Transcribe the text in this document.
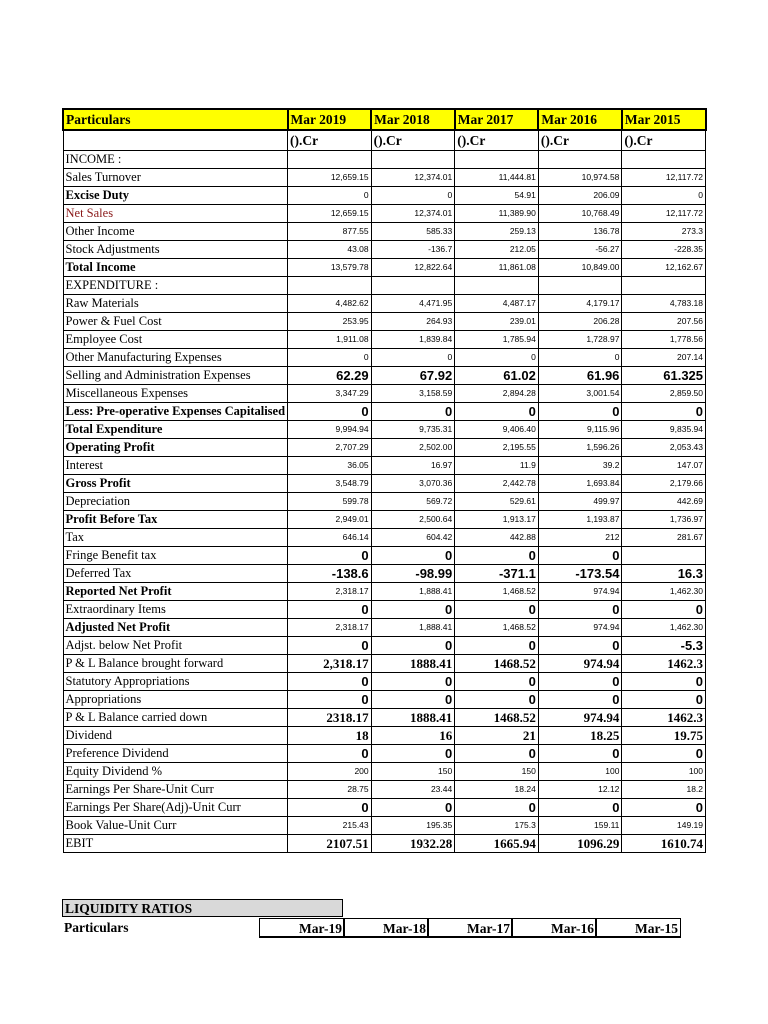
Particulars	Mar 2019	Mar 2018	Mar 2017	Mar 2016	Mar 2015
	().Cr	().Cr	().Cr	().Cr	().Cr
INCOME :					
Sales Turnover	12,659.15	12,374.01	11,444.81	10,974.58	12,117.72
Excise Duty	0	0	54.91	206.09	0
Net Sales	12,659.15	12,374.01	11,389.90	10,768.49	12,117.72
Other Income	877.55	585.33	259.13	136.78	273.3
Stock Adjustments	43.08	-136.7	212.05	-56.27	-228.35
Total Income	13,579.78	12,822.64	11,861.08	10,849.00	12,162.67
EXPENDITURE :					
Raw Materials	4,482.62	4,471.95	4,487.17	4,179.17	4,783.18
Power & Fuel Cost	253.95	264.93	239.01	206.28	207.56
Employee Cost	1,911.08	1,839.84	1,785.94	1,728.97	1,778.56
Other Manufacturing Expenses	0	0	0	0	207.14
Selling and Administration Expenses	62.29	67.92	61.02	61.96	61.325
Miscellaneous Expenses	3,347.29	3,158.59	2,894.28	3,001.54	2,859.50
Less: Pre-operative Expenses Capitalised	0	0	0	0	0
Total Expenditure	9,994.94	9,735.31	9,406.40	9,115.96	9,835.94
Operating Profit	2,707.29	2,502.00	2,195.55	1,596.26	2,053.43
Interest	36.05	16.97	11.9	39.2	147.07
Gross Profit	3,548.79	3,070.36	2,442.78	1,693.84	2,179.66
Depreciation	599.78	569.72	529.61	499.97	442.69
Profit Before Tax	2,949.01	2,500.64	1,913.17	1,193.87	1,736.97
Tax	646.14	604.42	442.88	212	281.67
Fringe Benefit tax	0	0	0	0	
Deferred Tax	-138.6	-98.99	-371.1	-173.54	16.3
Reported Net Profit	2,318.17	1,888.41	1,468.52	974.94	1,462.30
Extraordinary Items	0	0	0	0	0
Adjusted Net Profit	2,318.17	1,888.41	1,468.52	974.94	1,462.30
Adjst. below Net Profit	0	0	0	0	-5.3
P & L Balance brought forward	2,318.17	1888.41	1468.52	974.94	1462.3
Statutory Appropriations	0	0	0	0	0
Appropriations	0	0	0	0	0
P & L Balance carried down	2318.17	1888.41	1468.52	974.94	1462.3
Dividend	18	16	21	18.25	19.75
Preference Dividend	0	0	0	0	0
Equity Dividend %	200	150	150	100	100
Earnings Per Share-Unit Curr	28.75	23.44	18.24	12.12	18.2
Earnings Per Share(Adj)-Unit Curr	0	0	0	0	0
Book Value-Unit Curr	215.43	195.35	175.3	159.11	149.19
EBIT	2107.51	1932.28	1665.94	1096.29	1610.74
LIQUIDITY RATIOS
Particulars	Mar-19	Mar-18	Mar-17	Mar-16	Mar-15
